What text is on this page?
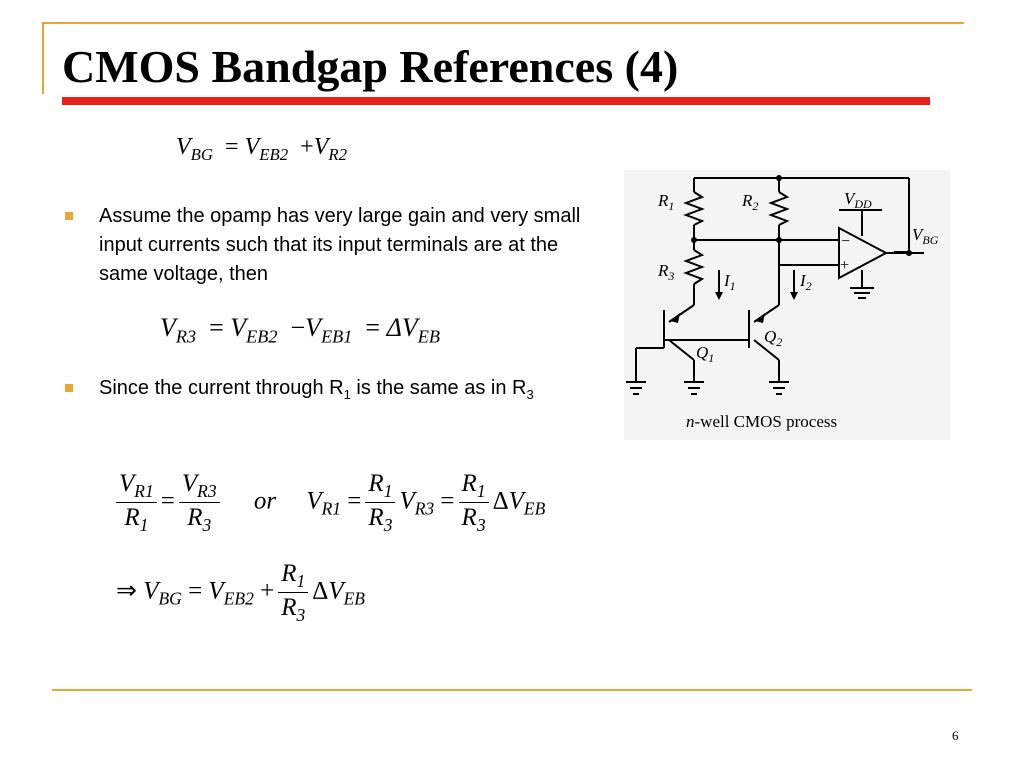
CMOS Bandgap References (4)
$V_{BG} = V_{EB2} +V_{R2}$
Assume the opamp has very large gain and very small input currents such that its input terminals are at the same voltage, then
$V_{R3} = V_{EB2} -V_{EB1} = \Delta V_{EB}$
Since the current through $R_1$ is the same as in $R_3$
$\frac{V_{R1}}{R_1} = \frac{V_{R3}}{R_3}$ or $V_{R1} = \frac{R_1}{R_3} V_{R3} = \frac{R_1}{R_3} \Delta V_{EB}$
⇒ $V_{BG} = V_{EB2} + \frac{R_1}{R_3} \Delta V_{EB}$
$R_1$	$R_2$
$R_3$	$I_1$	$I_2$
$Q_1$
$Q_2$
$V_{DD}$
$V_{BG}$
−
+
n-well CMOS process
6
